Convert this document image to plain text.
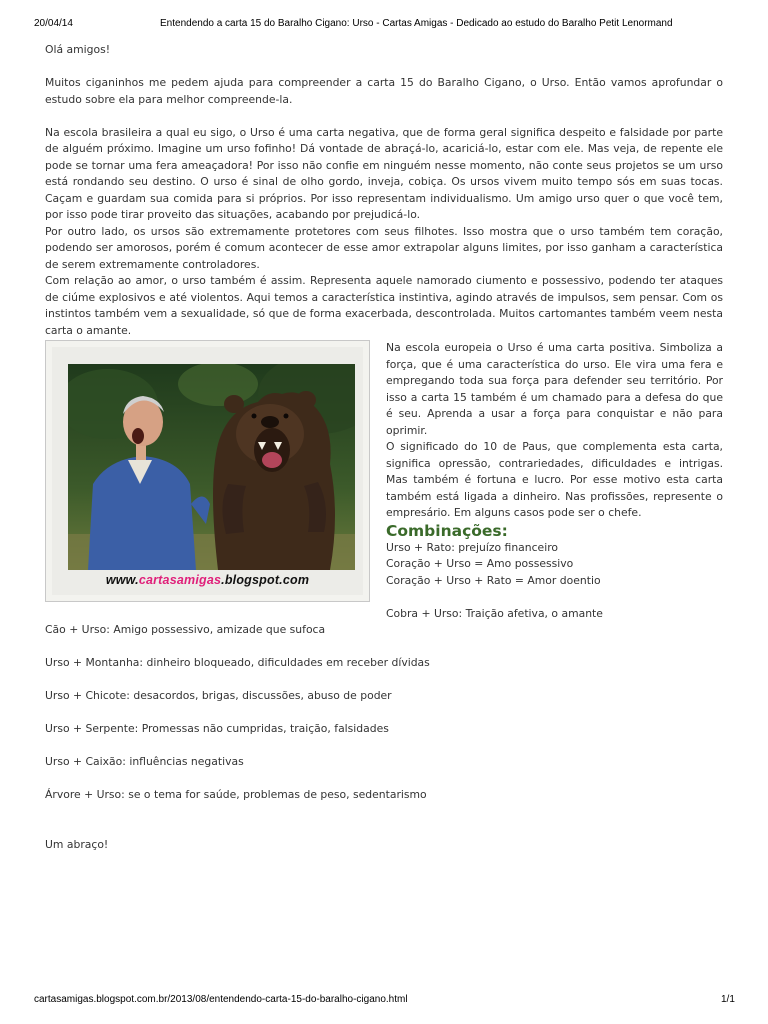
20/04/14	Entendendo a carta 15 do Baralho Cigano: Urso - Cartas Amigas - Dedicado ao estudo do Baralho Petit Lenormand

Olá amigos!

Muitos ciganinhos me pedem ajuda para compreender a carta 15 do Baralho Cigano, o Urso. Então vamos aprofundar o estudo sobre ela para melhor compreende-la.

Na escola brasileira a qual eu sigo, o Urso é uma carta negativa, que de forma geral significa despeito e falsidade por parte de alguém próximo. Imagine um urso fofinho! Dá vontade de abraçá-lo, acariciá-lo, estar com ele. Mas veja, de repente ele pode se tornar uma fera ameaçadora! Por isso não confie em ninguém nesse momento, não conte seus projetos se um urso está rondando seu destino. O urso é sinal de olho gordo, inveja, cobiça. Os ursos vivem muito tempo sós em suas tocas. Caçam e guardam sua comida para si próprios. Por isso representam individualismo. Um amigo urso quer o que você tem, por isso pode tirar proveito das situações, acabando por prejudicá-lo.

Por outro lado, os ursos são extremamente protetores com seus filhotes. Isso mostra que o urso também tem coração, podendo ser amorosos, porém é comum acontecer de esse amor extrapolar alguns limites, por isso ganham a característica de serem extremamente controladores.

Com relação ao amor, o urso também é assim. Representa aquele namorado ciumento e possessivo, podendo ter ataques de ciúme explosivos e até violentos. Aqui temos a característica instintiva, agindo através de impulsos, sem pensar. Com os instintos também vem a sexualidade, só que de forma exacerbada, descontrolada. Muitos cartomantes também veem nesta carta o amante.

www.cartasamigas.blogspot.com

Na escola europeia o Urso é uma carta positiva. Simboliza a força, que é uma característica do urso. Ele vira uma fera e empregando toda sua força para defender seu território. Por isso a carta 15 também é um chamado para a defesa do que é seu. Aprenda a usar a força para conquistar e não para oprimir.

O significado do 10 de Paus, que complementa esta carta, significa opressão, contrariedades, dificuldades e intrigas. Mas também é fortuna e lucro. Por esse motivo esta carta também está ligada a dinheiro. Nas profissões, represente o empresário. Em alguns casos pode ser o chefe.

Combinações:

Urso + Rato: prejuízo financeiro

Coração + Urso = Amo possessivo

Coração + Urso + Rato = Amor doentio

Cobra + Urso: Traição afetiva, o amante

Cão + Urso: Amigo possessivo, amizade que sufoca

Urso + Montanha: dinheiro bloqueado, dificuldades em receber dívidas

Urso + Chicote: desacordos, brigas, discussões, abuso de poder

Urso + Serpente: Promessas não cumpridas, traição, falsidades

Urso + Caixão: influências negativas

Árvore + Urso: se o tema for saúde, problemas de peso, sedentarismo

Um abraço!

cartasamigas.blogspot.com.br/2013/08/entendendo-carta-15-do-baralho-cigano.html	1/1
